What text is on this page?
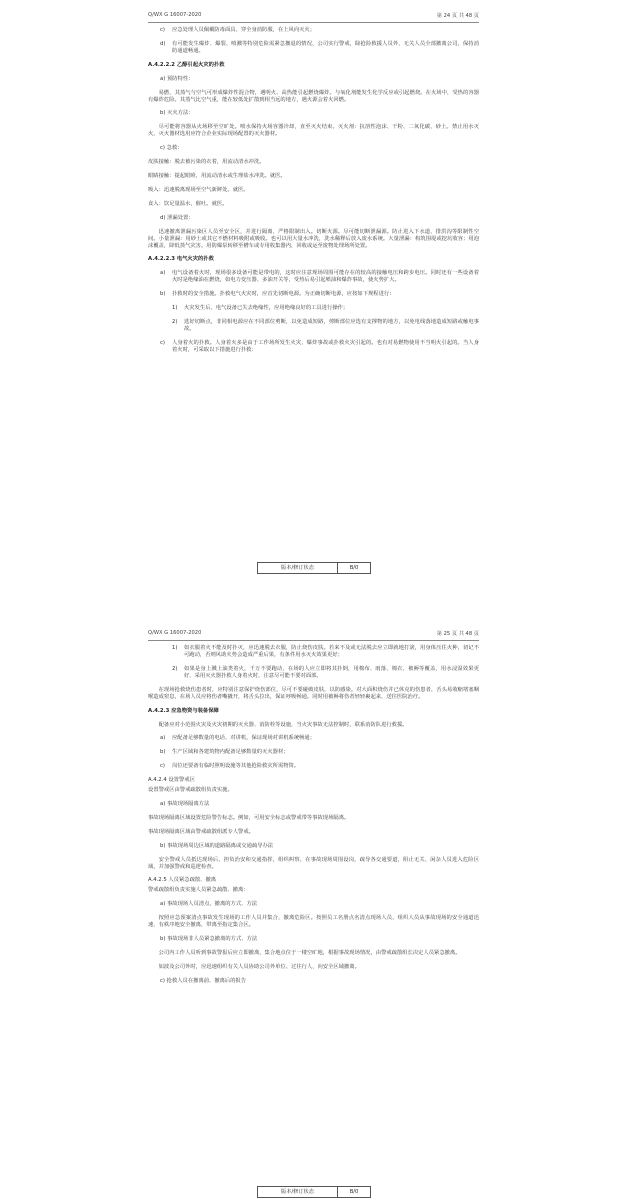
Q/WX G 16007-2020	第 24 页 共 48 页

c) 应急处理人员佩戴防毒面具、穿全身消防服，在上风向灭火；

d) 有可能发生爆炸、爆裂、喷溅等特别危险需紧急撤退的情况，公司实行警戒，除抢险救援人员外，无关人员全部撤离公司，保持消防通道畅通。

A.4.2.2.2 乙醇引起火灾的扑救

a) 预防特性：

易燃，其蒸气与空气可形成爆炸性混合物，遇明火、高热能引起燃烧爆炸。与氧化剂能发生化学反应或引起燃烧。在火场中，受热的容器有爆炸危险。其蒸气比空气重，能在较低处扩散到相当远的地方，遇火源会着火回燃。

b) 灭火方法：

尽可能将容器从火场移至空旷处。喷水保持火场容器冷却，直至灭火结束。灭火剂：抗溶性泡沫、干粉、二氧化碳、砂土。禁止用水灭火，灭火器材选用应符合企业实际现场配置的灭火器材。

c) 急救：

皮肤接触：脱去被污染的衣着，用流动清水冲洗。

眼睛接触：提起眼睑，用流动清水或生理盐水冲洗。就医。

吸入：迅速脱离现场至空气新鲜处。就医。

食入：饮足量温水，催吐。就医。

d) 泄漏处置：

迅速撤离泄漏污染区人员至安全区，并进行隔离，严格限制出入。切断火源。尽可能切断泄漏源。防止进入下水道、排洪沟等限制性空间。小量泄漏：用砂土或其它不燃材料吸附或吸收。也可以用大量水冲洗，洗水稀释后放入废水系统。大量泄漏：构筑围堤或挖坑收容；用泡沫覆盖，降低蒸气灾害。用防爆泵转移至槽车或专用收集器内，回收或运至废物处理场所处置。

A.4.2.2.3 电气火灾的扑救

a) 电气设备着火时，现场很多设备可能是带电的，这时应注意现场周围可能存在的较高的接触电压和跨步电压。同时还有一些设备着火时是绝缘油在燃烧，如电力变压器、多油开关等，受热后易引起喷油和爆炸事故，使火势扩大。

b) 扑救时的安全措施。扑救电气火灾时，应首先切断电源。为正确切断电源，应按如下规程进行：

1) 火灾发生后，电气设备已失去绝缘性，应用绝缘良好的工具进行操作；

2) 选好切断点，非同相电源应在不同部位剪断，以免造成短路，剪断部位应选有支撑物的地方，以免电线落地造成短路或触电事故。

c) 人身着火的扑救。人身着火多是由于工作场所发生火灾、爆炸事故或扑救火灾引起的。也有对易燃物使用不当明火引起的。当人身着火时，可采取以下措施进行扑救：

版本/修订状态	B/0
Q/WX G 16007-2020	第 25 页 共 48 页

1) 如衣服着火不能及时扑灭，应迅速脱去衣服，防止烧伤皮肤。若来不及或无法脱去应立即就地打滚，用身体压住火种，切记不可跑动，否则风助火势会造成严重后果，有条件用水灭火效果更好；

2) 如果是身上溅上油类着火，千万不要跑动，在场的人应立即将其扑倒，用棉布、雨落、棉衣、被褥等覆盖，用水浸湿效果更好，采用灭火器扑救人身着火时，注意尽可能不要对面部。

在现场抢救烧伤患者时，应特别注意保护烧伤部位，尽可不要碰破皮肤，以防感染。对大面积烧伤并已休克的伤患者，舌头易收缩堵塞咽喉造成窒息，在场人员应将伤者嘴撬开，将舌头拉出，保证呼吸畅通。同时用被褥将伤者轻轻裹起来，送往医院治疗。

A.4.2.3 应急物资与装备保障

配备应对小范围火灾及火灾初期的灭火器、消防栓等设施，当火灾事故无法控制时，联系消防队进行救援。

a) 应配备足够数量的电话、对讲机，保证现场对讲机系统畅通；

b) 生产区域和各建筑物内配备足够数量的灭火器材；

c) 岗位还要备有临时照明设施等其他抢险救灾所需物资。

A.4.2.4 设置警戒区

设置警戒区由警戒疏散组负责实施。

a) 事故现场隔离方法

事故现场隔离区域设置危险警告标志。例如，可用安全标志或警戒带等事故现场隔离。

事故现场隔离区域由警戒疏散组派专人警戒。

b) 事故现场周边区域的道路隔离或交通疏导办法

安全警戒人员抵达现场后，担负治安和交通指挥，组织纠察，在事故现场周围设岗，疏导各交通要道，阻止无关、闲杂人员进入危险区域，并加强警戒和巡逻检查。

A.4.2.5 人员紧急疏散、撤离

警戒疏散组负责实施人员紧急疏散、撤离：

a) 事故现场人员清点，撤离的方式、方法

按照应急预案清点事故发生现场的工作人员并集合，撤离危险区。按照员工名册点名清点现场人员，组织人员从事故现场的安全通道迅速、有秩序地安全撤离，带离至指定集合区。

b) 事故现场非人员紧急撤离的方式、方法

公司内工作人员听到事故警报后应立即撤离，集合地点位于一楼空旷地，根据事故现场情况，由警戒疏散组长决定人员紧急撤离。

如波及公司外时，应迅速组织有关人员协助公司外单位、过往行人，向安全区域撤离。

c) 抢救人员在撤离前、撤离后的报告

版本/修订状态	B/0
